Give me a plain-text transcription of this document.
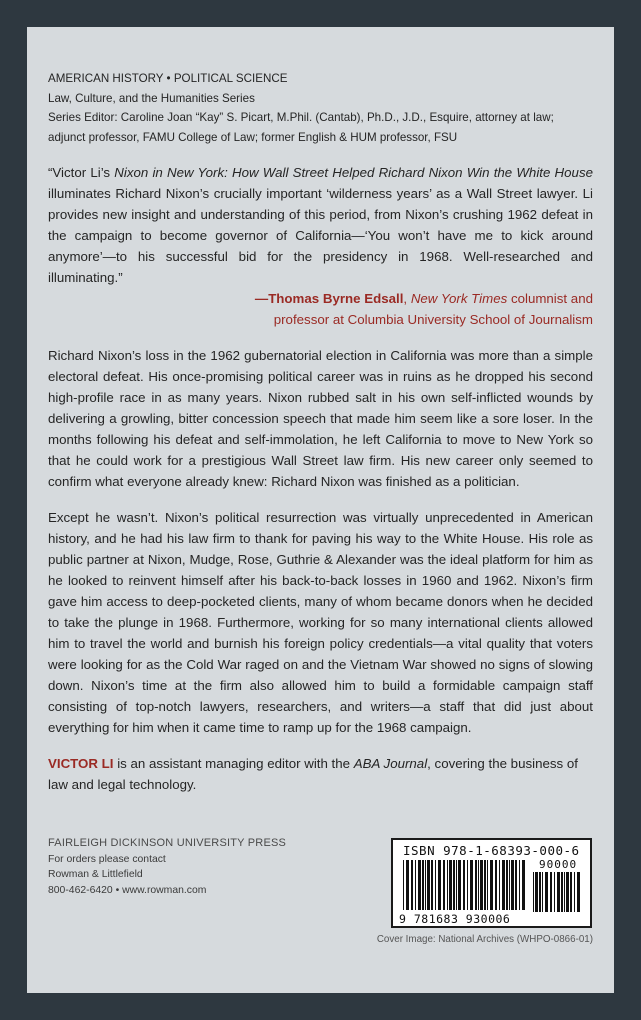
AMERICAN HISTORY • POLITICAL SCIENCE
Law, Culture, and the Humanities Series
Series Editor: Caroline Joan “Kay” S. Picart, M.Phil. (Cantab), Ph.D., J.D., Esquire, attorney at law;
adjunct professor, FAMU College of Law; former English & HUM professor, FSU
“Victor Li’s Nixon in New York: How Wall Street Helped Richard Nixon Win the White House illuminates Richard Nixon’s crucially important ‘wilderness years’ as a Wall Street lawyer. Li provides new insight and understanding of this period, from Nixon’s crushing 1962 defeat in the campaign to become governor of California—‘You won’t have me to kick around anymore’—to his successful bid for the presidency in 1968. Well-researched and illuminating.”
—Thomas Byrne Edsall, New York Times columnist and
professor at Columbia University School of Journalism
Richard Nixon’s loss in the 1962 gubernatorial election in California was more than a simple electoral defeat. His once-promising political career was in ruins as he dropped his second high-profile race in as many years. Nixon rubbed salt in his own self-inflicted wounds by delivering a growling, bitter concession speech that made him seem like a sore loser. In the months following his defeat and self-immolation, he left California to move to New York so that he could work for a prestigious Wall Street law firm. His new career only seemed to confirm what everyone already knew: Richard Nixon was finished as a politician.
Except he wasn’t. Nixon’s political resurrection was virtually unprecedented in American history, and he had his law firm to thank for paving his way to the White House. His role as public partner at Nixon, Mudge, Rose, Guthrie & Alexander was the ideal platform for him as he looked to reinvent himself after his back-to-back losses in 1960 and 1962. Nixon’s firm gave him access to deep-pocketed clients, many of whom became donors when he decided to take the plunge in 1968. Furthermore, working for so many international clients allowed him to travel the world and burnish his foreign policy credentials—a vital quality that voters were looking for as the Cold War raged on and the Vietnam War showed no signs of slowing down. Nixon’s time at the firm also allowed him to build a formidable campaign staff consisting of top-notch lawyers, researchers, and writers—a staff that did just about everything for him when it came time to ramp up for the 1968 campaign.
VICTOR LI is an assistant managing editor with the ABA Journal, covering the business of law and legal technology.
FAIRLEIGH DICKINSON UNIVERSITY PRESS
For orders please contact
Rowman & Littlefield
800-462-6420 • www.rowman.com
ISBN 978-1-68393-000-6
90000
9 781683 930006
Cover Image: National Archives (WHPO-0866-01)
